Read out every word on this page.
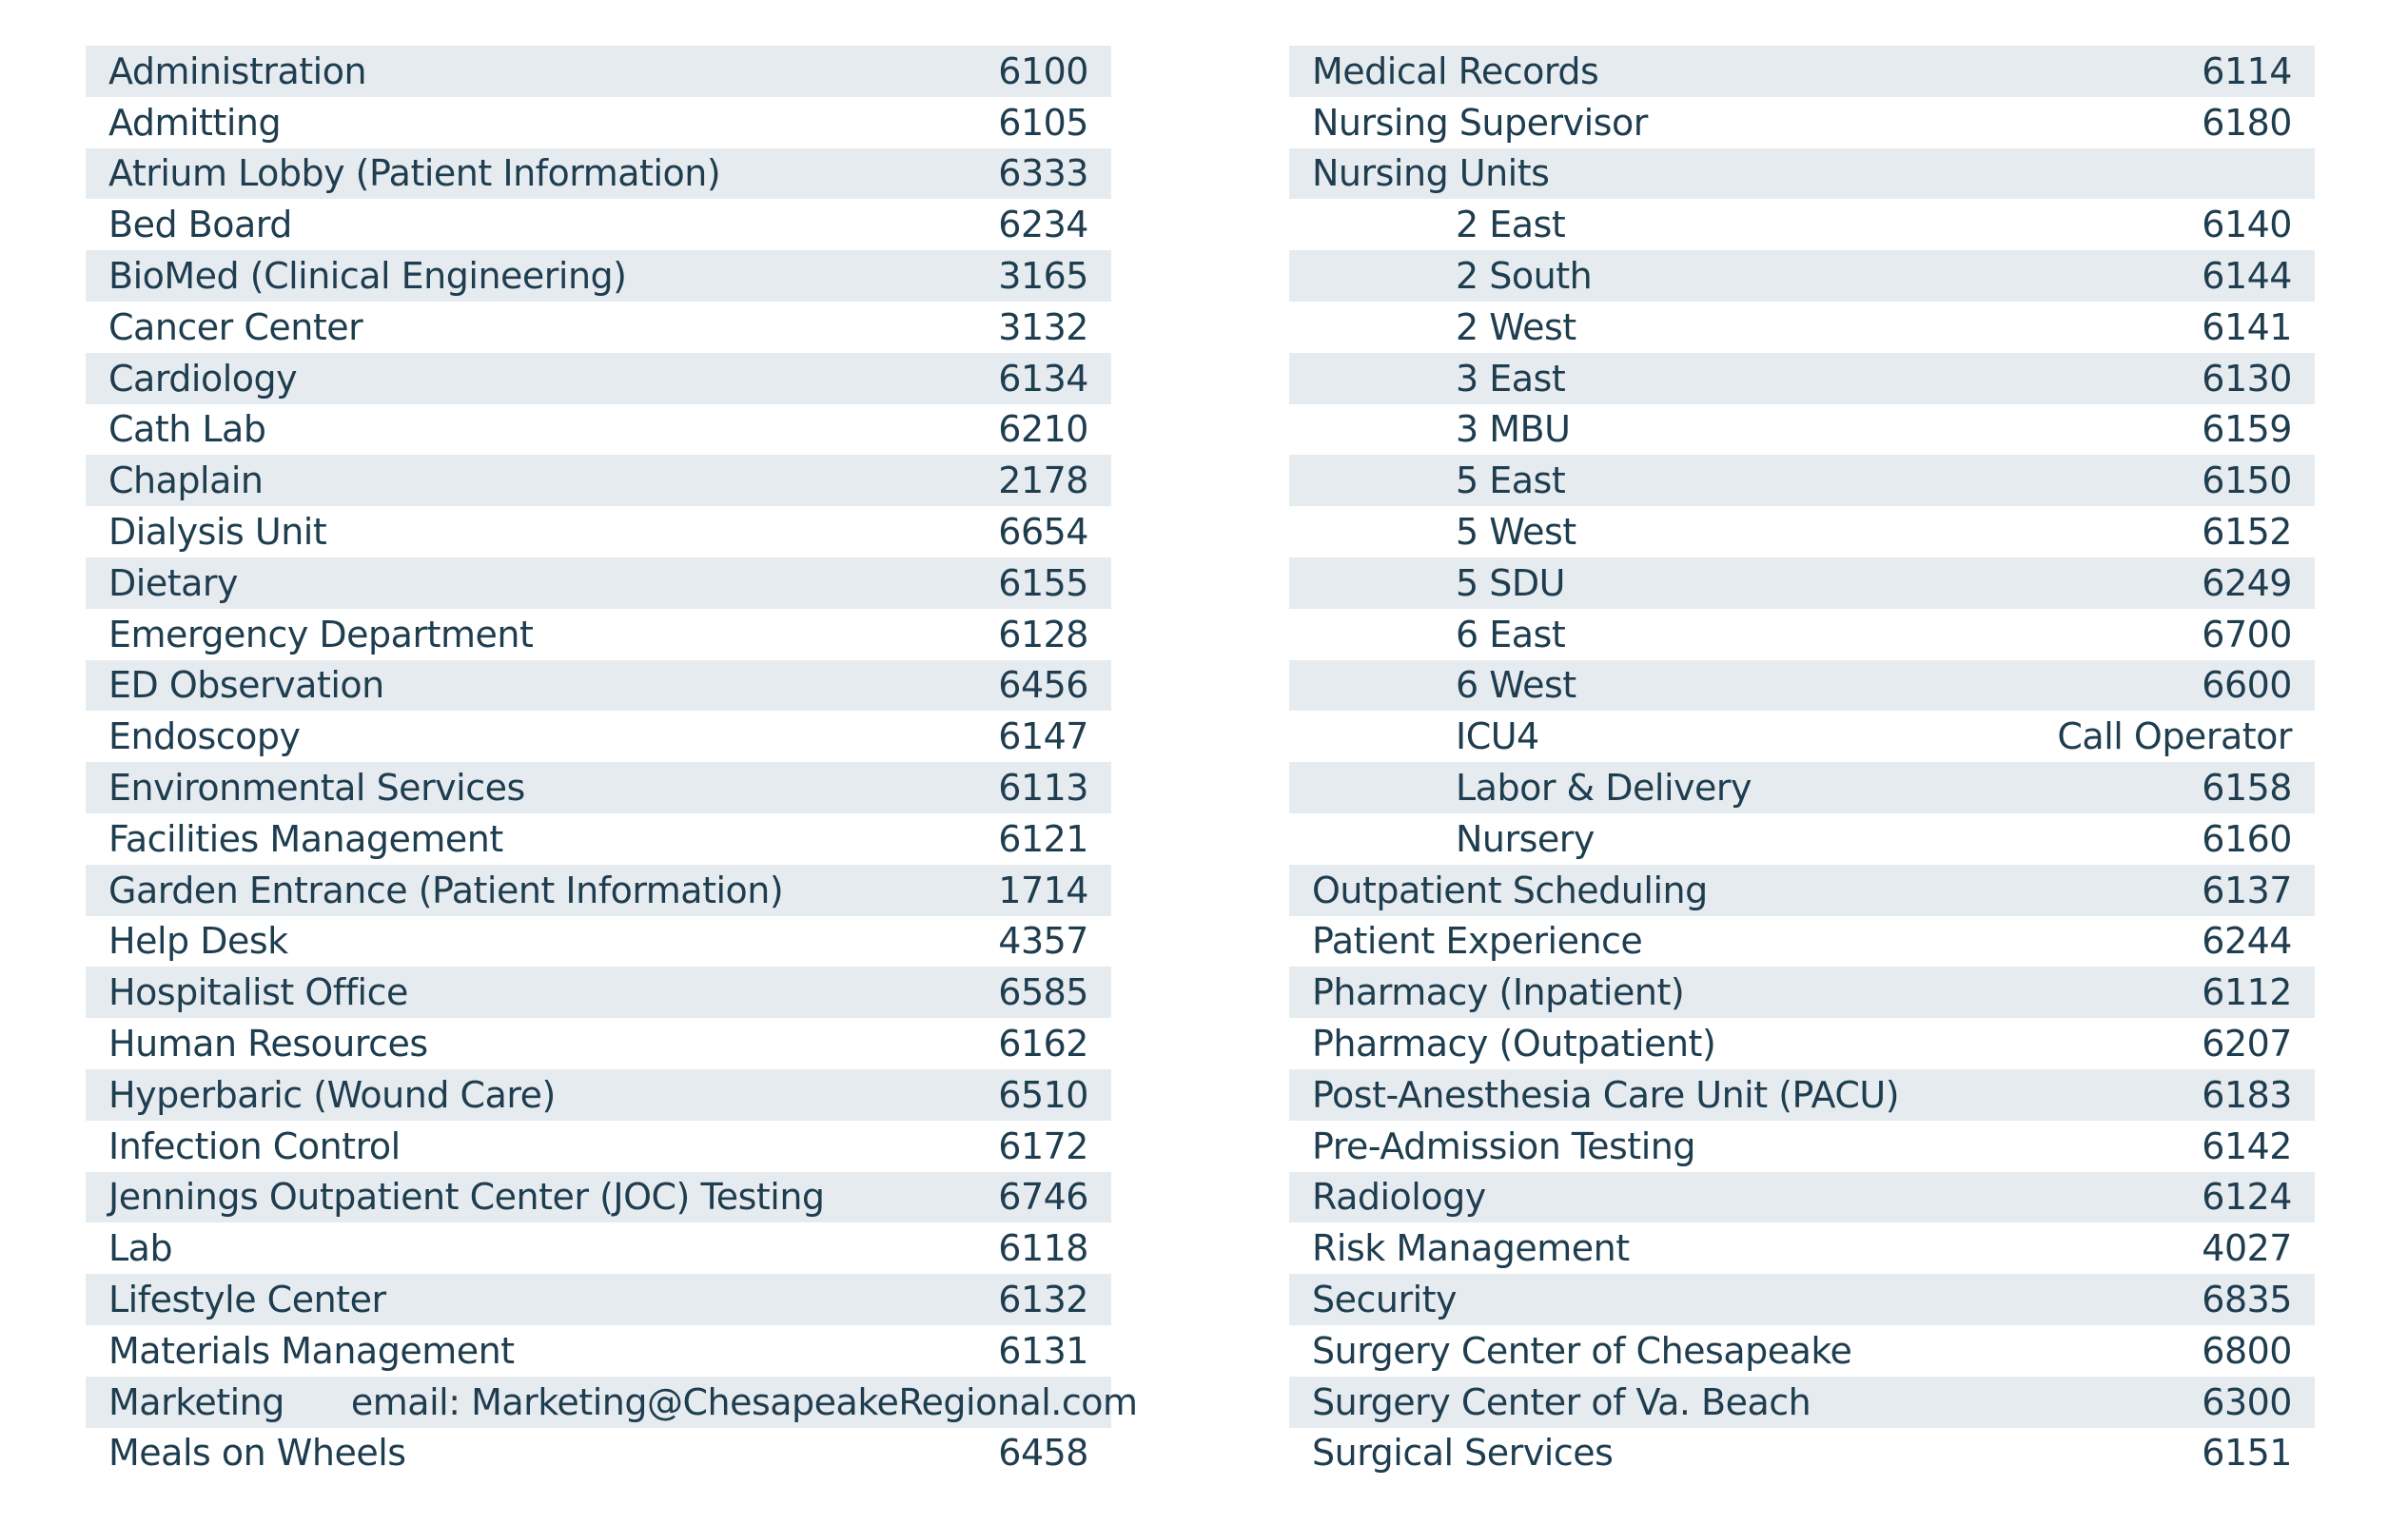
Administration	6100
Admitting	6105
Atrium Lobby (Patient Information)	6333
Bed Board	6234
BioMed (Clinical Engineering)	3165
Cancer Center	3132
Cardiology	6134
Cath Lab	6210
Chaplain	2178
Dialysis Unit	6654
Dietary	6155
Emergency Department	6128
ED Observation	6456
Endoscopy	6147
Environmental Services	6113
Facilities Management	6121
Garden Entrance (Patient Information)	1714
Help Desk	4357
Hospitalist Office	6585
Human Resources	6162
Hyperbaric (Wound Care)	6510
Infection Control	6172
Jennings Outpatient Center (JOC) Testing	6746
Lab	6118
Lifestyle Center	6132
Materials Management	6131
Marketing email: Marketing@ChesapeakeRegional.com
Meals on Wheels	6458
Medical Records	6114
Nursing Supervisor	6180
Nursing Units
2 East	6140
2 South	6144
2 West	6141
3 East	6130
3 MBU	6159
5 East	6150
5 West	6152
5 SDU	6249
6 East	6700
6 West	6600
ICU4	Call Operator
Labor & Delivery	6158
Nursery	6160
Outpatient Scheduling	6137
Patient Experience	6244
Pharmacy (Inpatient)	6112
Pharmacy (Outpatient)	6207
Post-Anesthesia Care Unit (PACU)	6183
Pre-Admission Testing	6142
Radiology	6124
Risk Management	4027
Security	6835
Surgery Center of Chesapeake	6800
Surgery Center of Va. Beach	6300
Surgical Services	6151
